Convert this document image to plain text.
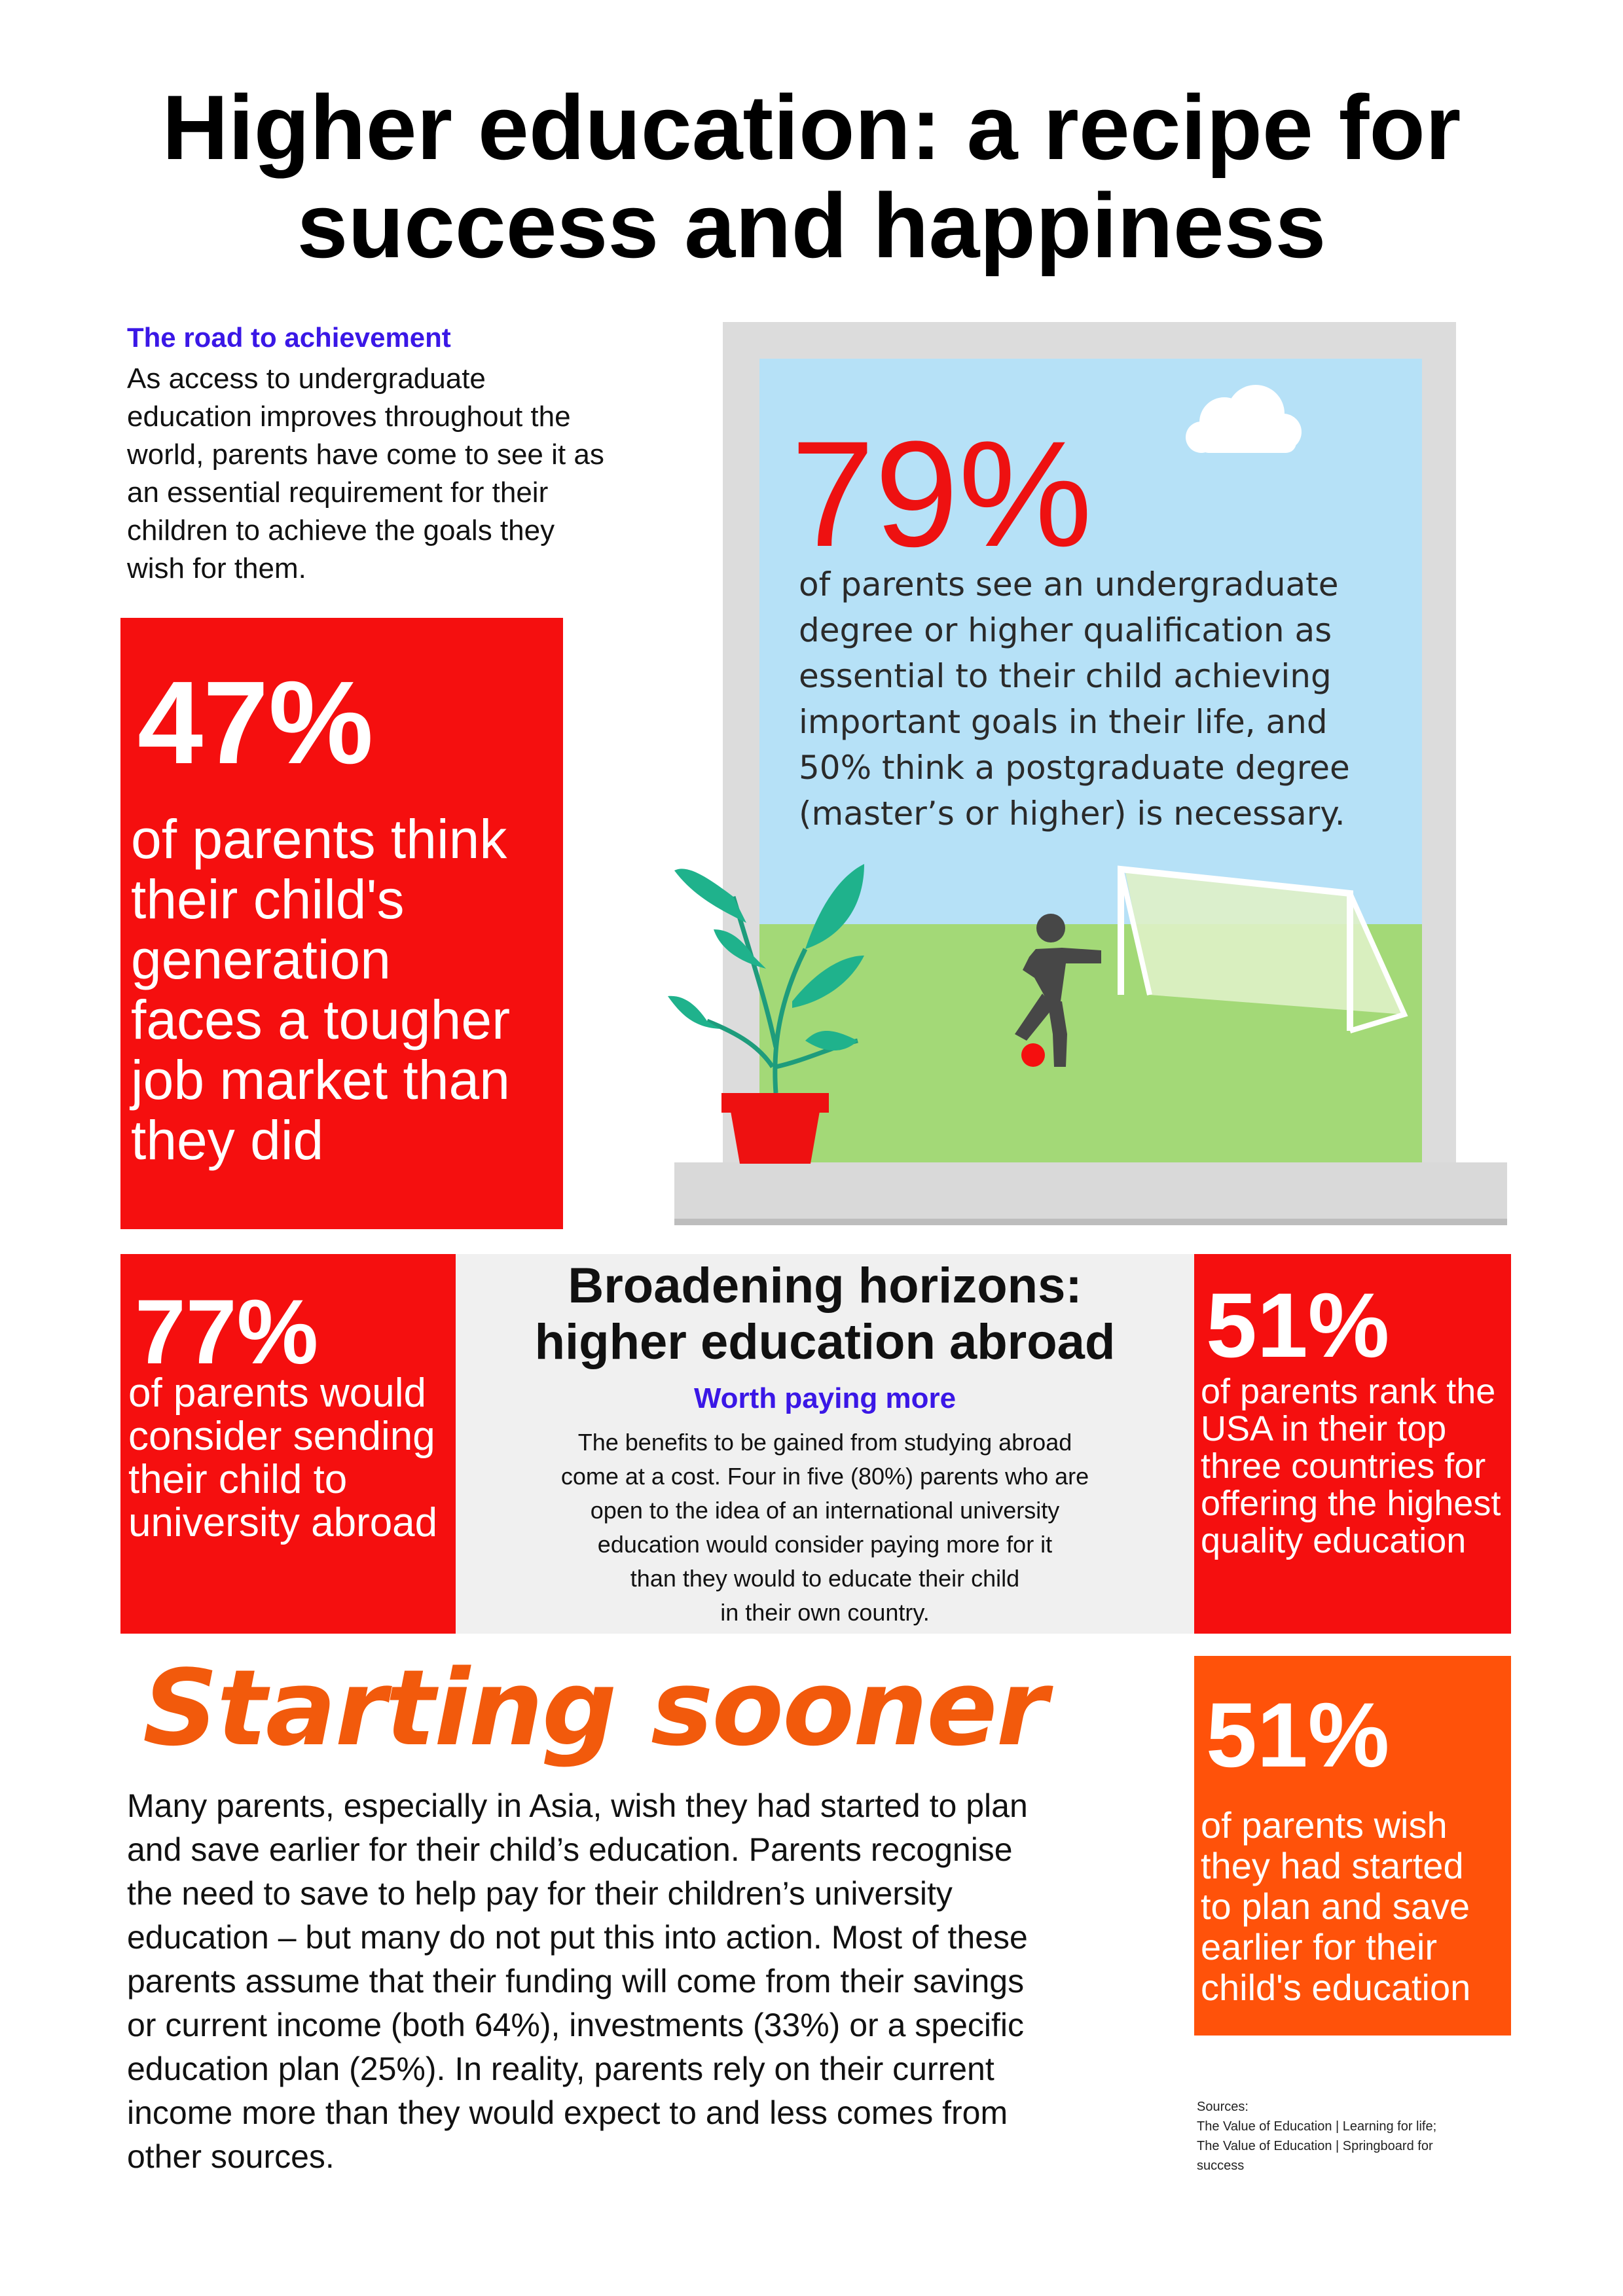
Higher education: a recipe for
success and happiness
The road to achievement
As access to undergraduate
education improves throughout the
world, parents have come to see it as
an essential requirement for their
children to achieve the goals they
wish for them.	79%
of parents see an undergraduate
degree or higher qualification as
essential to their child achieving
important goals in their life, and
50% think a postgraduate degree
(master’s or higher) is necessary.
47%
of parents think
their child's
generation
faces a tougher
job market than
they did
77%
of parents would
consider sending
their child to
university abroad
Broadening horizons:
higher education abroad
Worth paying more
The benefits to be gained from studying abroad
come at a cost. Four in five (80%) parents who are
open to the idea of an international university
education would consider paying more for it
than they would to educate their child
in their own country.
51%
of parents rank the
USA in their top
three countries for
offering the highest
quality education
Starting sooner
Many parents, especially in Asia, wish they had started to plan
and save earlier for their child’s education. Parents recognise
the need to save to help pay for their children’s university
education – but many do not put this into action. Most of these
parents assume that their funding will come from their savings
or current income (both 64%), investments (33%) or a specific
education plan (25%). In reality, parents rely on their current
income more than they would expect to and less comes from
other sources.
51%
of parents wish
they had started
to plan and save
earlier for their
child's education
Sources:
The Value of Education | Learning for life;
The Value of Education | Springboard for
success
